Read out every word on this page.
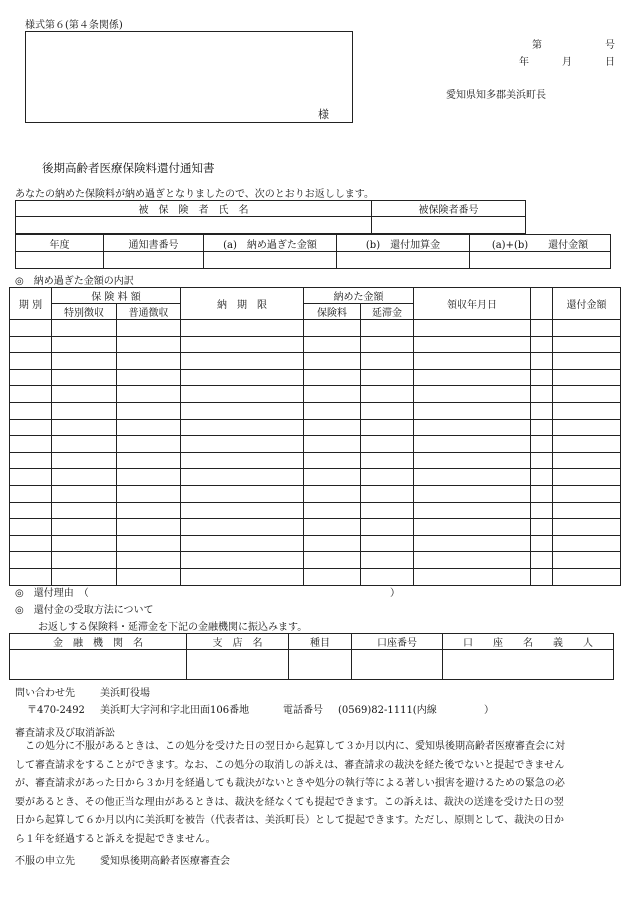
様式第６(第４条関係)
様
第	号
年	月	日
愛知県知多郡美浜町長
後期高齢者医療保険料還付通知書
あなたの納めた保険料が納め過ぎとなりましたので、次のとおりお返しします。
被　保　険　者　氏　名	被保険者番号

年度	通知書番号	(a)　納め過ぎた金額	(b)　還付加算金	(a)+(b)　　還付金額

◎　納め過ぎた金額の内訳
期 別	保 険 料 額		納　期　限	納めた金額		領収年月日		還付金額
	特別徴収	普通徴収		保険料	延滞金			

◎　還付理由　（	）
◎　還付金の受取方法について
お返しする保険料・延滞金を下記の金融機関に振込みます。
金　融　機　関　名	支　店　名	種目	口座番号	口　　座　　名　　義　　人

問い合わせ先	美浜町役場
〒470-2492 美浜町大字河和字北田面106番地	電話番号 (0569)82-1111(内線	）
審査請求及び取消訴訟
　この処分に不服があるときは、この処分を受けた日の翌日から起算して３か月以内に、愛知県後期高齢者医療審査会に対
して審査請求をすることができます。なお、この処分の取消しの訴えは、審査請求の裁決を経た後でないと提起できません
が、審査請求があった日から３か月を経過しても裁決がないときや処分の執行等による著しい損害を避けるための緊急の必
要があるとき、その他正当な理由があるときは、裁決を経なくても提起できます。この訴えは、裁決の送達を受けた日の翌
日から起算して６か月以内に美浜町を被告（代表者は、美浜町長）として提起できます。ただし、原則として、裁決の日か
ら１年を経過すると訴えを提起できません。
不服の申立先	愛知県後期高齢者医療審査会
